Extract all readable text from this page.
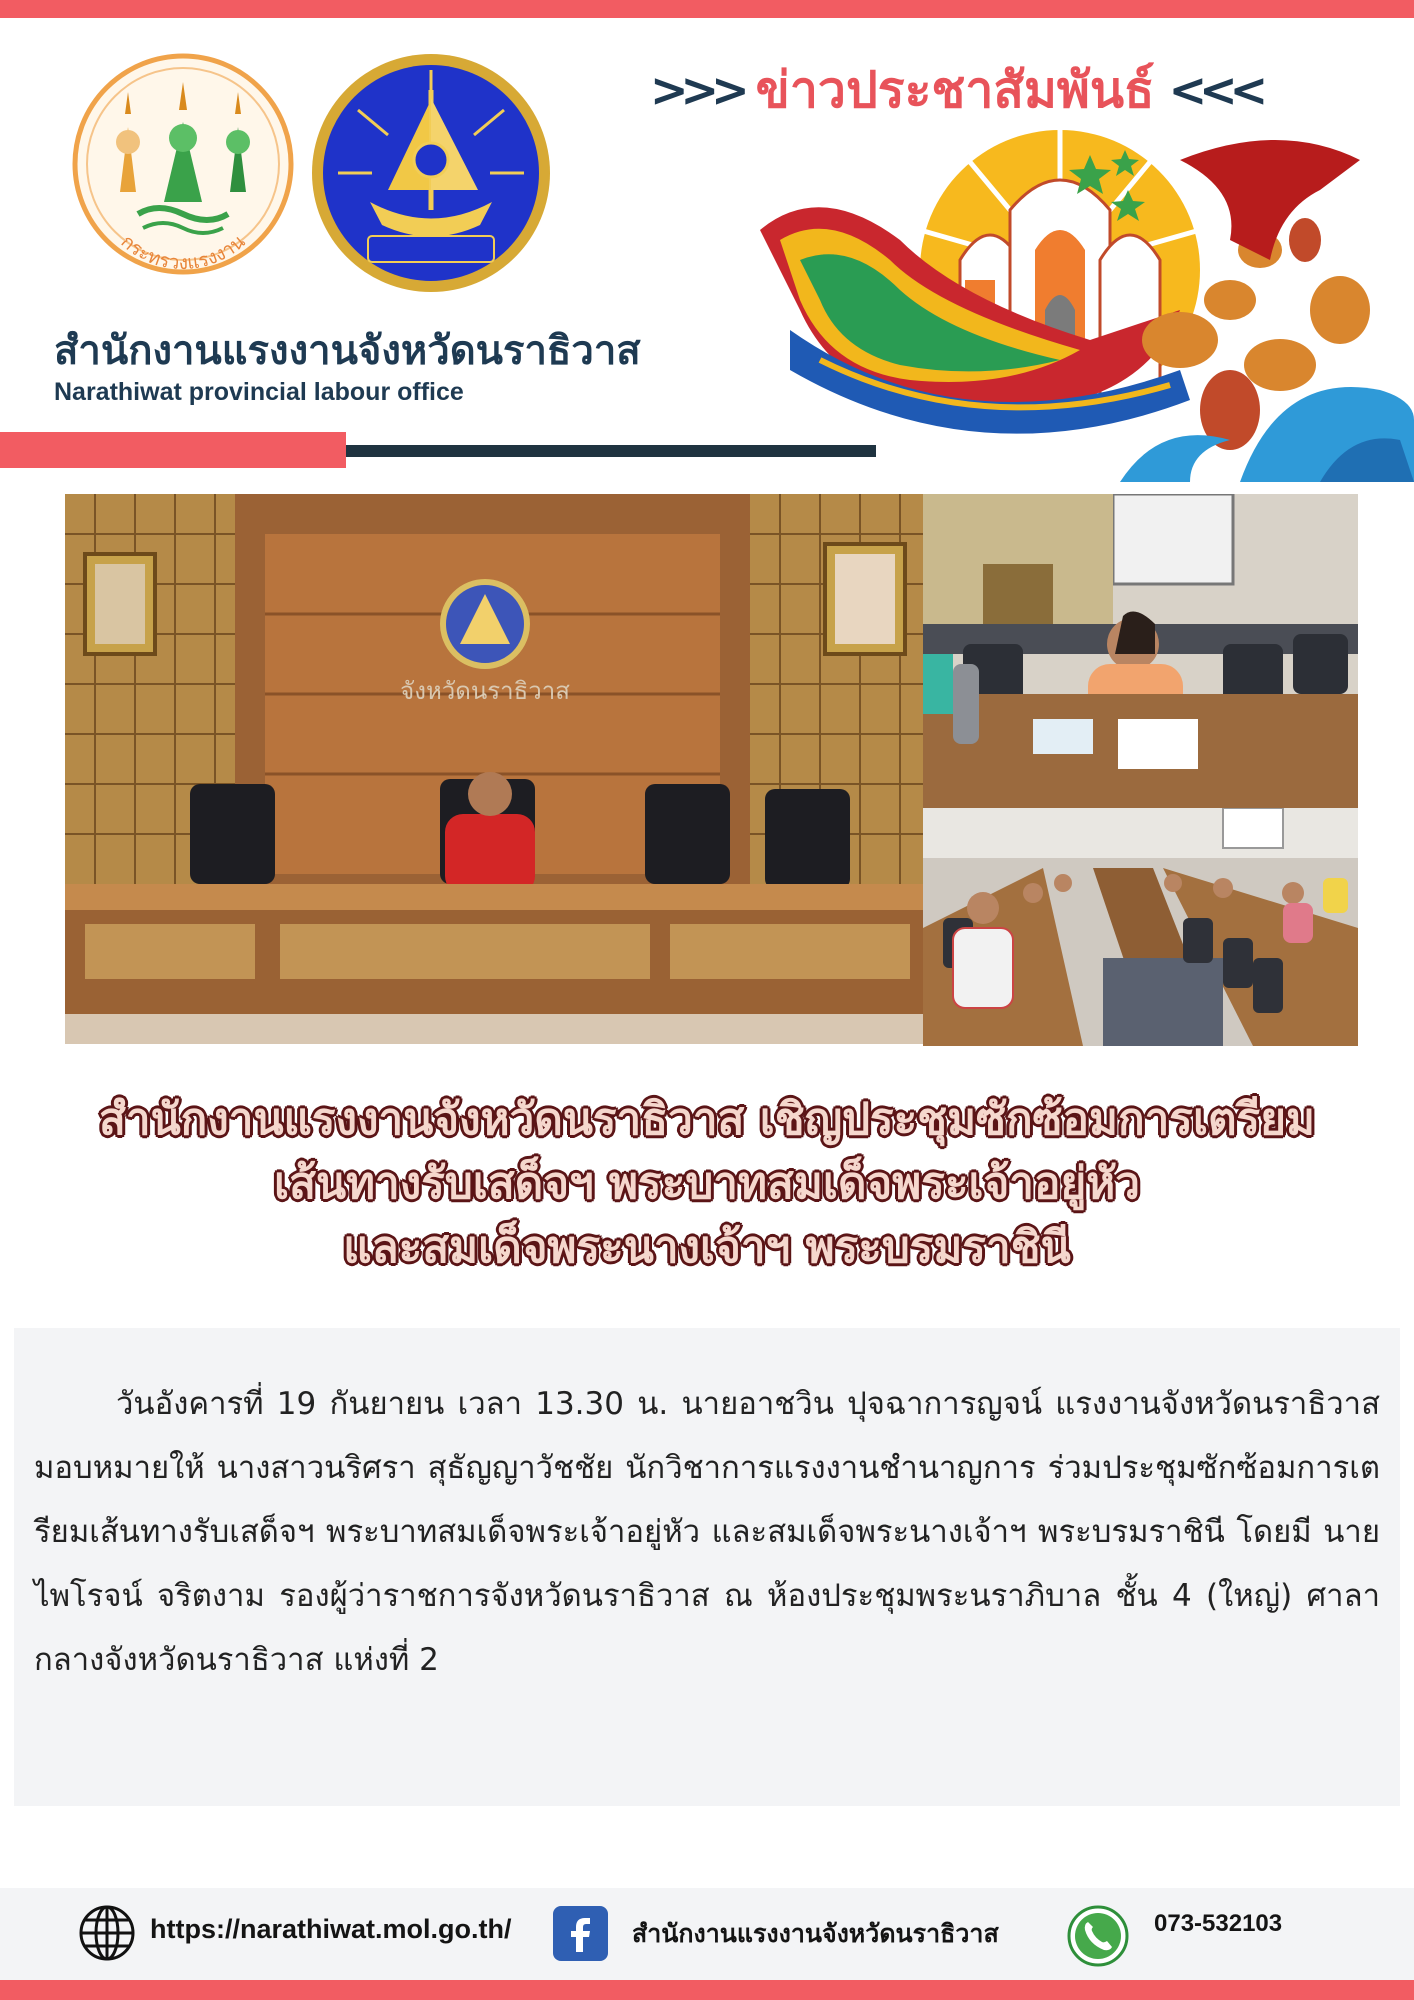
กระทรวงแรงงาน
สำนักงานแรงงานจังหวัดนราธิวาส
Narathiwat provincial labour office
>>> ข่าวประชาสัมพันธ์ <<<
จังหวัดนราธิวาส
สำนักงานแรงงานจังหวัดนราธิวาส เชิญประชุมซักซ้อมการเตรียม
เส้นทางรับเสด็จฯ พระบาทสมเด็จพระเจ้าอยู่หัว
และสมเด็จพระนางเจ้าฯ พระบรมราชินี

วันอังคารที่ 19 กันยายน เวลา 13.30 น. นายอาชวิน ปุจฉาการญจน์ แรงงานจังหวัดนราธิวาส มอบหมายให้ นางสาวนริศรา สุธัญญาวัชชัย นักวิชาการแรงงานชำนาญการ ร่วมประชุมซักซ้อมการเตรียมเส้นทางรับเสด็จฯ พระบาทสมเด็จพระเจ้าอยู่หัว และสมเด็จพระนางเจ้าฯ พระบรมราชินี โดยมี นายไพโรจน์ จริตงาม รองผู้ว่าราชการจังหวัดนราธิวาส ณ ห้องประชุมพระนราภิบาล ชั้น 4 (ใหญ่) ศาลากลางจังหวัดนราธิวาส แห่งที่ 2

https://narathiwat.mol.go.th/	สำนักงานแรงงานจังหวัดนราธิวาส	073-532103
